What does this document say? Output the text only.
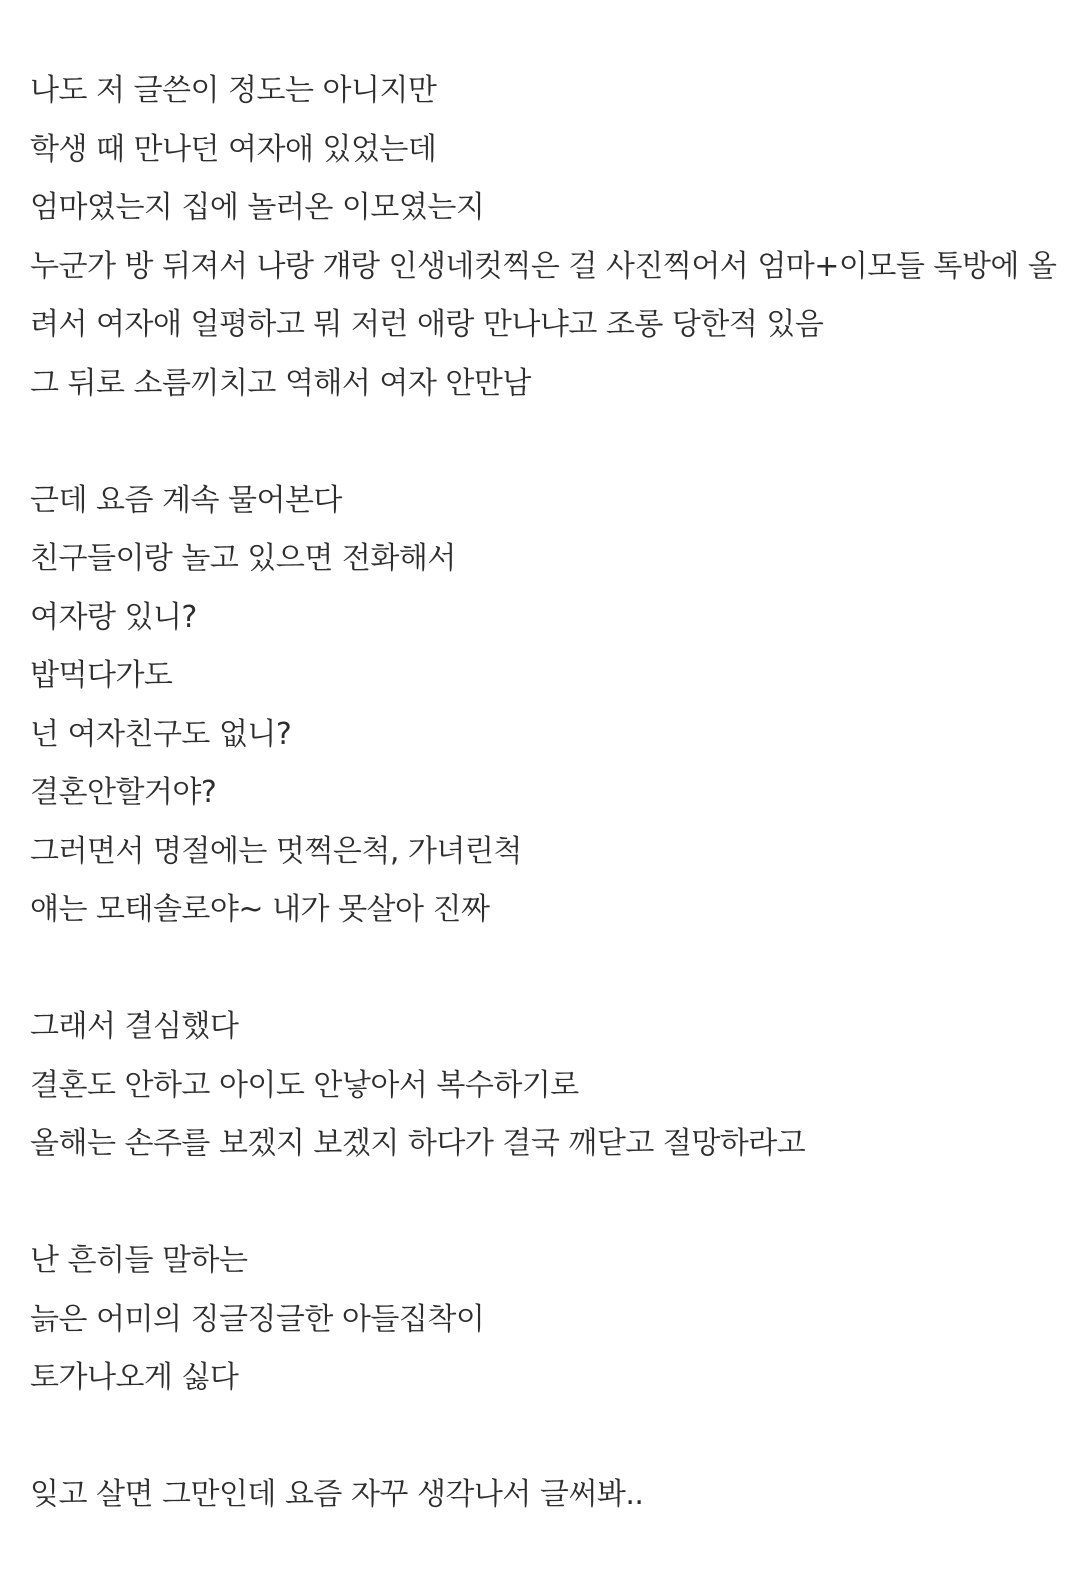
나도 저 글쓴이 정도는 아니지만
학생 때 만나던 여자애 있었는데
엄마였는지 집에 놀러온 이모였는지
누군가 방 뒤져서 나랑 걔랑 인생네컷찍은 걸 사진찍어서 엄마+이모들 톡방에 올
려서 여자애 얼평하고 뭐 저런 애랑 만나냐고 조롱 당한적 있음
그 뒤로 소름끼치고 역해서 여자 안만남
근데 요즘 계속 물어본다
친구들이랑 놀고 있으면 전화해서
여자랑 있니?
밥먹다가도
넌 여자친구도 없니?
결혼안할거야?
그러면서 명절에는 멋쩍은척, 가녀린척
얘는 모태솔로야~ 내가 못살아 진짜
그래서 결심했다
결혼도 안하고 아이도 안낳아서 복수하기로
올해는 손주를 보겠지 보겠지 하다가 결국 깨닫고 절망하라고
난 흔히들 말하는
늙은 어미의 징글징글한 아들집착이
토가나오게 싫다
잊고 살면 그만인데 요즘 자꾸 생각나서 글써봐..
